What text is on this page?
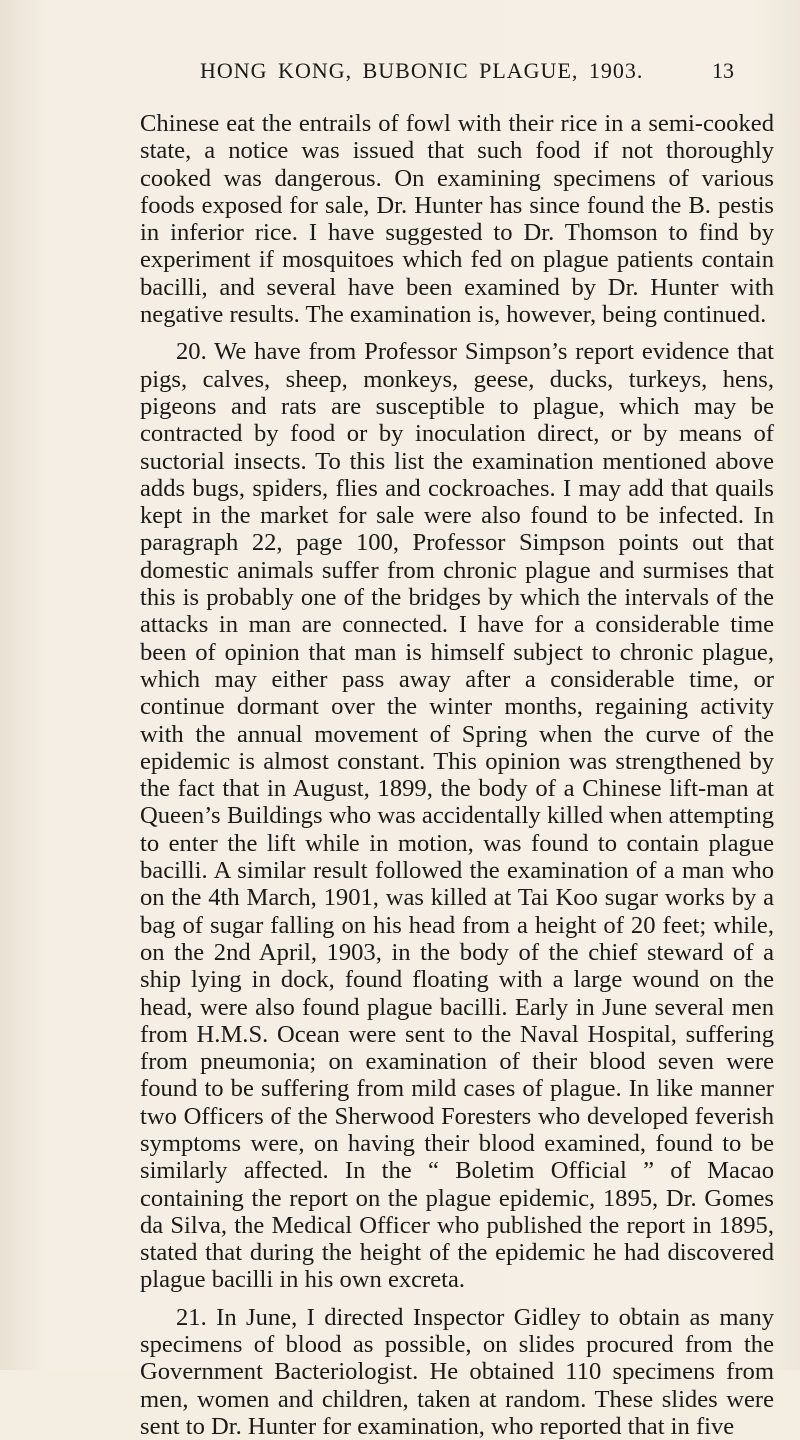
HONG KONG, BUBONIC PLAGUE, 1903.	13

Chinese eat the entrails of fowl with their rice in a semi-cooked state, a notice was issued that such food if not thoroughly cooked was dangerous. On examining specimens of various foods exposed for sale, Dr. Hunter has since found the B. pestis in inferior rice. I have suggested to Dr. Thomson to find by experiment if mosquitoes which fed on plague patients contain bacilli, and several have been examined by Dr. Hunter with negative results. The examination is, however, being continued.

20. We have from Professor Simpson’s report evidence that pigs, calves, sheep, monkeys, geese, ducks, turkeys, hens, pigeons and rats are susceptible to plague, which may be contracted by food or by inoculation direct, or by means of suctorial insects. To this list the examination mentioned above adds bugs, spiders, flies and cockroaches. I may add that quails kept in the market for sale were also found to be infected. In paragraph 22, page 100, Professor Simpson points out that domestic animals suffer from chronic plague and surmises that this is probably one of the bridges by which the intervals of the attacks in man are connected. I have for a considerable time been of opinion that man is himself subject to chronic plague, which may either pass away after a considerable time, or continue dormant over the winter months, regaining activity with the annual movement of Spring when the curve of the epidemic is almost constant. This opinion was strengthened by the fact that in August, 1899, the body of a Chinese lift-man at Queen’s Buildings who was accidentally killed when attempting to enter the lift while in motion, was found to contain plague bacilli. A similar result followed the examination of a man who on the 4th March, 1901, was killed at Tai Koo sugar works by a bag of sugar falling on his head from a height of 20 feet; while, on the 2nd April, 1903, in the body of the chief steward of a ship lying in dock, found floating with a large wound on the head, were also found plague bacilli. Early in June several men from H.M.S. Ocean were sent to the Naval Hospital, suffering from pneumonia; on examination of their blood seven were found to be suffering from mild cases of plague. In like manner two Officers of the Sherwood Foresters who developed feverish symptoms were, on having their blood examined, found to be similarly affected. In the “ Boletim Official ” of Macao containing the report on the plague epidemic, 1895, Dr. Gomes da Silva, the Medical Officer who published the report in 1895, stated that during the height of the epidemic he had discovered plague bacilli in his own excreta.

21. In June, I directed Inspector Gidley to obtain as many specimens of blood as possible, on slides procured from the Government Bacteriologist. He obtained 110 specimens from men, women and children, taken at random. These slides were sent to Dr. Hunter for examination, who reported that in five
